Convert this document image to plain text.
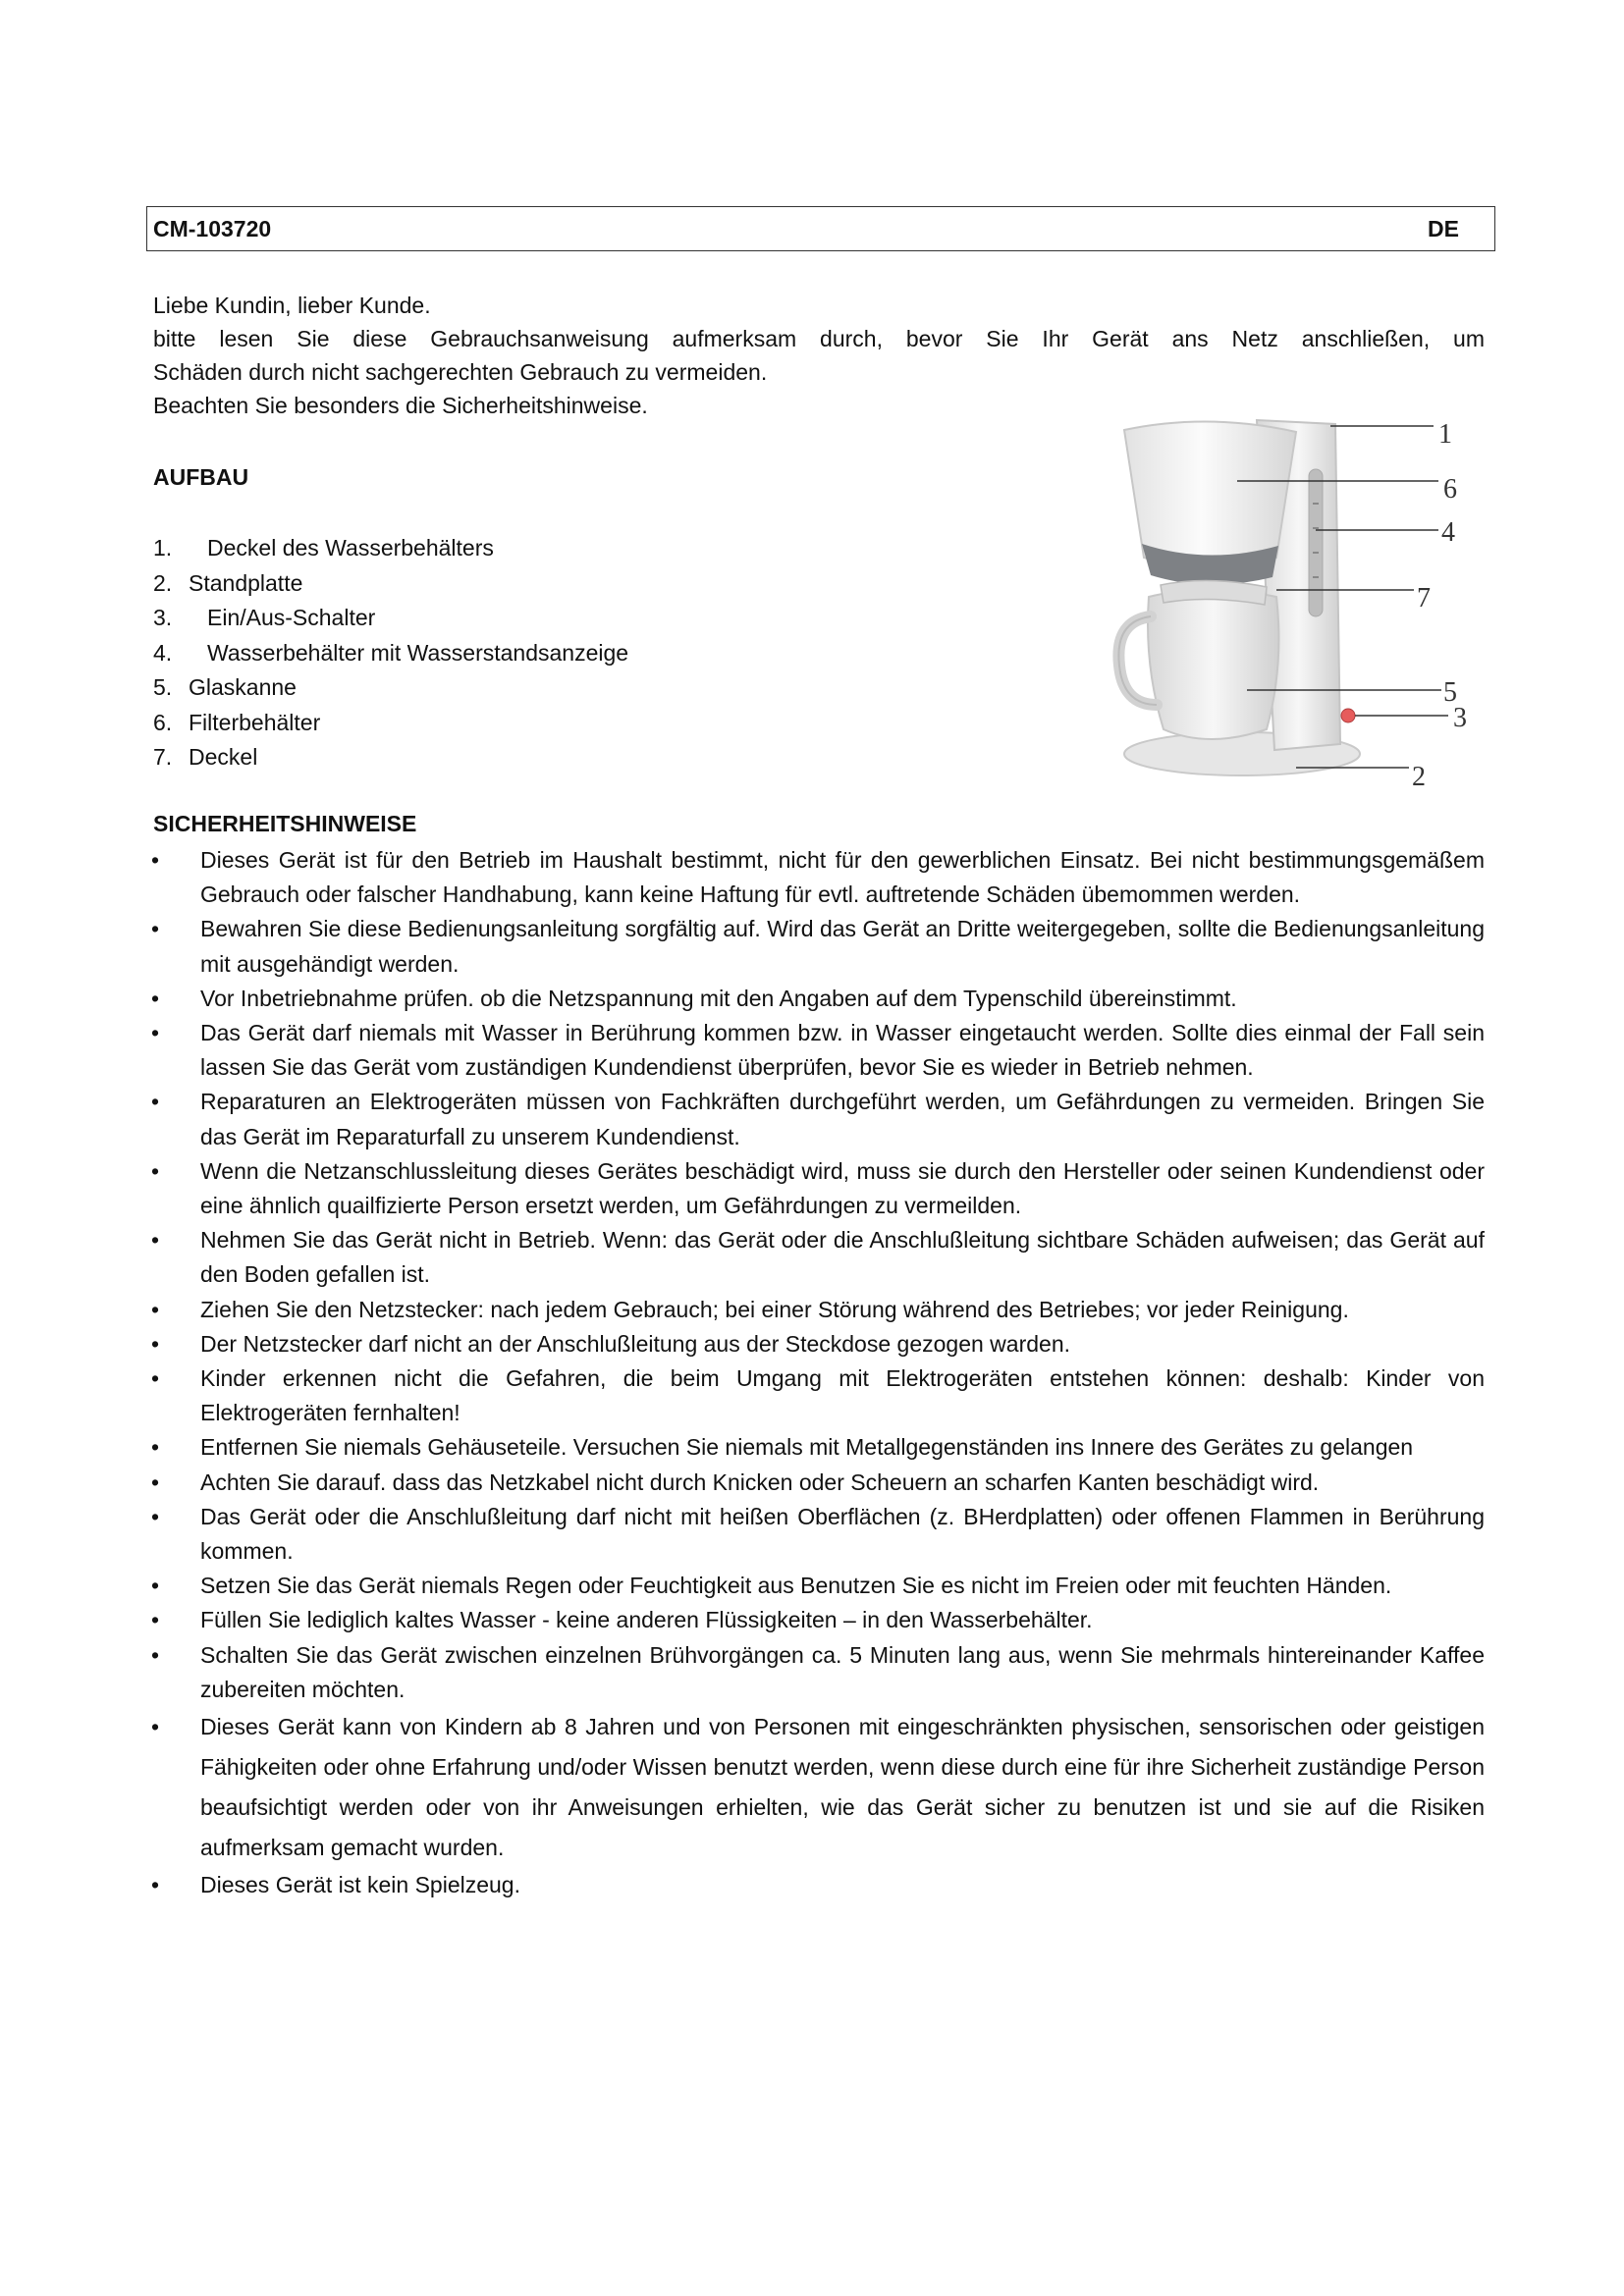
CM-103720	DE

Liebe Kundin, lieber Kunde.

bitte lesen Sie diese Gebrauchsanweisung aufmerksam durch, bevor Sie Ihr Gerät ans Netz anschließen, um

Schäden durch nicht sachgerechten Gebrauch zu vermeiden.

Beachten Sie besonders die Sicherheitshinweise.

AUFBAU
1.	Deckel des Wasserbehälters
2. Standplatte
3.	Ein/Aus-Schalter
4.	Wasserbehälter mit Wasserstandsanzeige
5. Glaskanne
6. Filterbehälter
7. Deckel
1
6
4
7
5
3
2
SICHERHEITSHINWEISE
• Dieses Gerät ist für den Betrieb im Haushalt bestimmt, nicht für den gewerblichen Einsatz. Bei nicht bestimmungsgemäßem Gebrauch oder falscher Handhabung, kann keine Haftung für evtl. auftretende Schäden übemommen werden.
• Bewahren Sie diese Bedienungsanleitung sorgfältig auf. Wird das Gerät an Dritte weitergegeben, sollte die Bedienungsanleitung mit ausgehändigt werden.
• Vor Inbetriebnahme prüfen. ob die Netzspannung mit den Angaben auf dem Typenschild übereinstimmt.
• Das Gerät darf niemals mit Wasser in Berührung kommen bzw. in Wasser eingetaucht werden. Sollte dies einmal der Fall sein lassen Sie das Gerät vom zuständigen Kundendienst überprüfen, bevor Sie es wieder in Betrieb nehmen.
• Reparaturen an Elektrogeräten müssen von Fachkräften durchgeführt werden, um Gefährdungen zu vermeiden. Bringen Sie das Gerät im Reparaturfall zu unserem Kundendienst.
• Wenn die Netzanschlussleitung dieses Gerätes beschädigt wird, muss sie durch den Hersteller oder seinen Kundendienst oder eine ähnlich quailfizierte Person ersetzt werden, um Gefährdungen zu vermeilden.
• Nehmen Sie das Gerät nicht in Betrieb. Wenn: das Gerät oder die Anschlußleitung sichtbare Schäden aufweisen; das Gerät auf den Boden gefallen ist.
• Ziehen Sie den Netzstecker: nach jedem Gebrauch; bei einer Störung während des Betriebes; vor jeder Reinigung.
• Der Netzstecker darf nicht an der Anschlußleitung aus der Steckdose gezogen warden.
• Kinder erkennen nicht die Gefahren, die beim Umgang mit Elektrogeräten entstehen können: deshalb: Kinder von Elektrogeräten fernhalten!
• Entfernen Sie niemals Gehäuseteile. Versuchen Sie niemals mit Metallgegenständen ins Innere des Gerätes zu gelangen
• Achten Sie darauf. dass das Netzkabel nicht durch Knicken oder Scheuern an scharfen Kanten beschädigt wird.
• Das Gerät oder die Anschlußleitung darf nicht mit heißen Oberflächen (z. BHerdplatten) oder offenen Flammen in Berührung kommen.
• Setzen Sie das Gerät niemals Regen oder Feuchtigkeit aus Benutzen Sie es nicht im Freien oder mit feuchten Händen.
• Füllen Sie lediglich kaltes Wasser - keine anderen Flüssigkeiten – in den Wasserbehälter.
• Schalten Sie das Gerät zwischen einzelnen Brühvorgängen ca. 5 Minuten lang aus, wenn Sie mehrmals hintereinander Kaffee zubereiten möchten.
• Dieses Gerät kann von Kindern ab 8 Jahren und von Personen mit eingeschränkten physischen, sensorischen oder geistigen Fähigkeiten oder ohne Erfahrung und/oder Wissen benutzt werden, wenn diese durch eine für ihre Sicherheit zuständige Person beaufsichtigt werden oder von ihr Anweisungen erhielten, wie das Gerät sicher zu benutzen ist und sie auf die Risiken aufmerksam gemacht wurden.
• Dieses Gerät ist kein Spielzeug.
